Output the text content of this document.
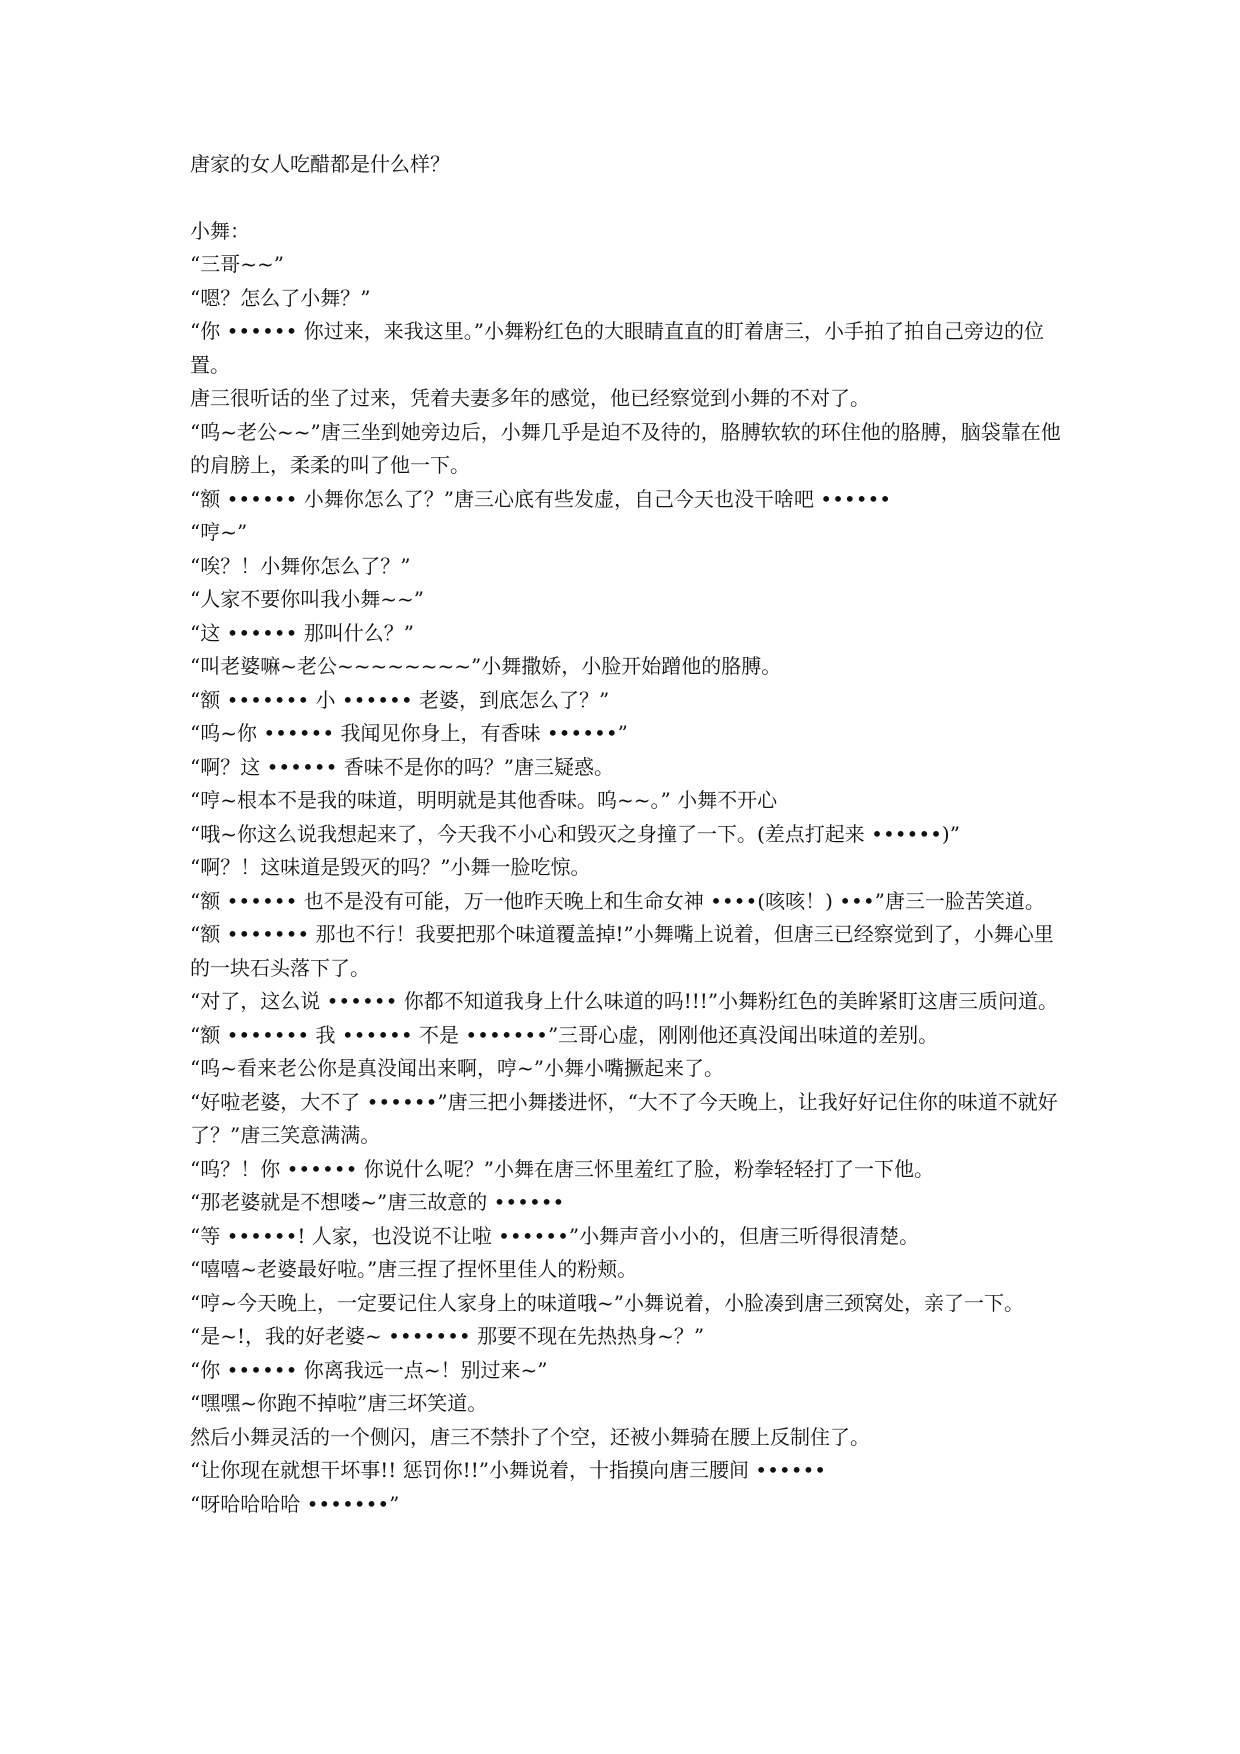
唐家的女人吃醋都是什么样？

小舞：

“三哥~~”

“嗯？怎么了小舞？”

“你 •••••• 你过来，来我这里。”小舞粉红色的大眼睛直直的盯着唐三，小手拍了拍自己旁边的位置。

唐三很听话的坐了过来，凭着夫妻多年的感觉，他已经察觉到小舞的不对了。

“呜~老公~~”唐三坐到她旁边后，小舞几乎是迫不及待的，胳膊软软的环住他的胳膊，脑袋靠在他的肩膀上，柔柔的叫了他一下。

“额 •••••• 小舞你怎么了？”唐三心底有些发虚，自己今天也没干啥吧 ••••••

“哼~”

“唉？！小舞你怎么了？”

“人家不要你叫我小舞~~”

“这 •••••• 那叫什么？”

“叫老婆嘛~老公~~~~~~~~”小舞撒娇，小脸开始蹭他的胳膊。

“额 ••••••• 小 •••••• 老婆，到底怎么了？”

“呜~你 •••••• 我闻见你身上，有香味 ••••••”

“啊？这 •••••• 香味不是你的吗？”唐三疑惑。

“哼~根本不是我的味道，明明就是其他香味。呜~~。” 小舞不开心

“哦~你这么说我想起来了，今天我不小心和毁灭之身撞了一下。(差点打起来 ••••••)”

“啊？！这味道是毁灭的吗？”小舞一脸吃惊。

“额 •••••• 也不是没有可能，万一他昨天晚上和生命女神 ••••(咳咳！) •••”唐三一脸苦笑道。

“额 ••••••• 那也不行！我要把那个味道覆盖掉!”小舞嘴上说着，但唐三已经察觉到了，小舞心里的一块石头落下了。

“对了，这么说 •••••• 你都不知道我身上什么味道的吗!!!”小舞粉红色的美眸紧盯这唐三质问道。

“额 ••••••• 我 •••••• 不是 •••••••”三哥心虚，刚刚他还真没闻出味道的差别。

“呜~看来老公你是真没闻出来啊，哼~”小舞小嘴撅起来了。

“好啦老婆，大不了 ••••••”唐三把小舞搂进怀，“大不了今天晚上，让我好好记住你的味道不就好了？”唐三笑意满满。

“呜？！你 •••••• 你说什么呢？”小舞在唐三怀里羞红了脸，粉拳轻轻打了一下他。

“那老婆就是不想喽~”唐三故意的 ••••••

“等 ••••••! 人家，也没说不让啦 ••••••”小舞声音小小的，但唐三听得很清楚。

“嘻嘻~老婆最好啦。”唐三捏了捏怀里佳人的粉颊。

“哼~今天晚上，一定要记住人家身上的味道哦~”小舞说着，小脸凑到唐三颈窝处，亲了一下。

“是~!，我的好老婆~ ••••••• 那要不现在先热热身~？”

“你 •••••• 你离我远一点~！别过来~”

“嘿嘿~你跑不掉啦”唐三坏笑道。

然后小舞灵活的一个侧闪，唐三不禁扑了个空，还被小舞骑在腰上反制住了。

“让你现在就想干坏事!! 惩罚你!!”小舞说着，十指摸向唐三腰间 ••••••

“呀哈哈哈哈 •••••••”
